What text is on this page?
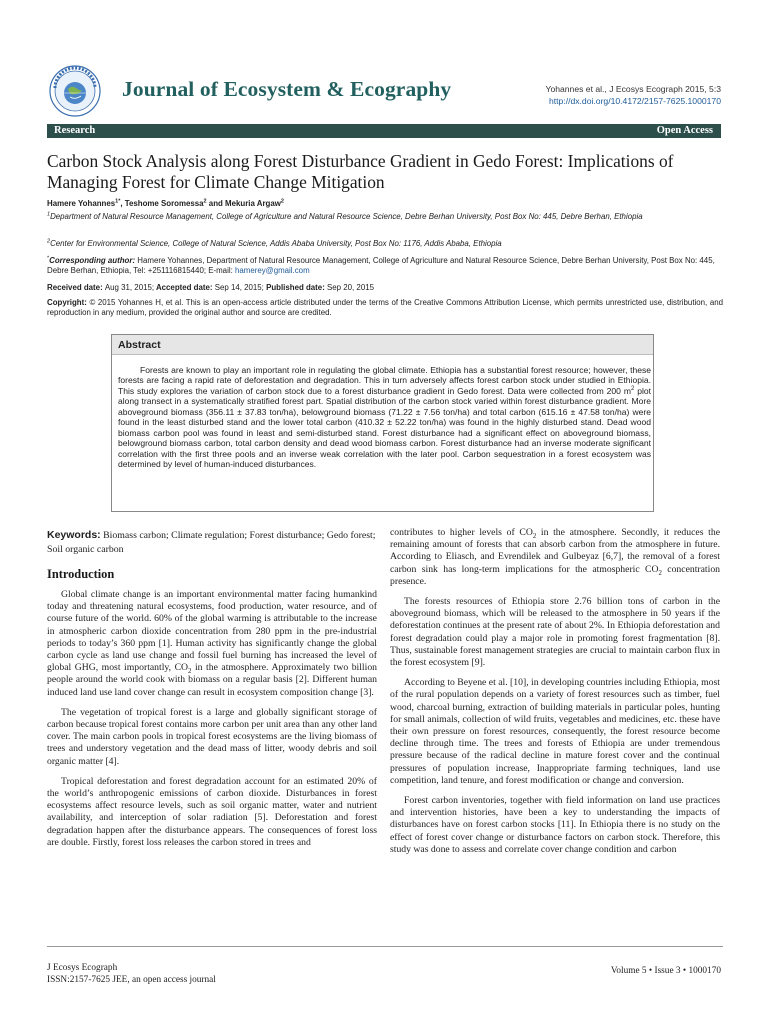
Journal of Ecosystem & Ecography	Yohannes et al., J Ecosys Ecograph 2015, 5:3
http://dx.doi.org/10.4172/2157-7625.1000170
Research	Open Access
Carbon Stock Analysis along Forest Disturbance Gradient in Gedo Forest: Implications of Managing Forest for Climate Change Mitigation
Hamere Yohannes$^{1*}$, Teshome Soromessa$^2$ and Mekuria Argaw$^2$
$^1$Department of Natural Resource Management, College of Agriculture and Natural Resource Science, Debre Berhan University, Post Box No: 445, Debre Berhan, Ethiopia
$^2$Center for Environmental Science, College of Natural Science, Addis Ababa University, Post Box No: 1176, Addis Ababa, Ethiopia
*Corresponding author: Hamere Yohannes, Department of Natural Resource Management, College of Agriculture and Natural Resource Science, Debre Berhan University, Post Box No: 445, Debre Berhan, Ethiopia, Tel: +251116815440; E-mail: hamerey@gmail.com
Received date: Aug 31, 2015; Accepted date: Sep 14, 2015; Published date: Sep 20, 2015
Copyright: © 2015 Yohannes H, et al. This is an open-access article distributed under the terms of the Creative Commons Attribution License, which permits unrestricted use, distribution, and reproduction in any medium, provided the original author and source are credited.
Abstract
Forests are known to play an important role in regulating the global climate. Ethiopia has a substantial forest resource; however, these forests are facing a rapid rate of deforestation and degradation. This in turn adversely affects forest carbon stock under studied in Ethiopia. This study explores the variation of carbon stock due to a forest disturbance gradient in Gedo forest. Data were collected from 200 $m^2$ plot along transect in a systematically stratified forest part. Spatial distribution of the carbon stock varied within forest disturbance gradient. More aboveground biomass (356.11 ± 37.83 ton/ha), belowground biomass (71.22 ± 7.56 ton/ha) and total carbon (615.16 ± 47.58 ton/ha) were found in the least disturbed stand and the lower total carbon (410.32 ± 52.22 ton/ha) was found in the highly disturbed stand. Dead wood biomass carbon pool was found in least and semi-disturbed stand. Forest disturbance had a significant effect on aboveground biomass, belowground biomass carbon, total carbon density and dead wood biomass carbon. Forest disturbance had an inverse moderate significant correlation with the first three pools and an inverse weak correlation with the later pool. Carbon sequestration in a forest ecosystem was determined by level of human-induced disturbances.
Keywords: Biomass carbon; Climate regulation; Forest disturbance; Gedo forest; Soil organic carbon
Introduction

Global climate change is an important environmental matter facing humankind today and threatening natural ecosystems, food production, water resource, and of course future of the world. 60% of the global warming is attributable to the increase in atmospheric carbon dioxide concentration from 280 ppm in the pre-industrial periods to today’s 360 ppm [1]. Human activity has significantly change the global carbon cycle as land use change and fossil fuel burning has increased the level of global GHG, most importantly, $CO_2$ in the atmosphere. Approximately two billion people around the world cook with biomass on a regular basis [2]. Different human induced land use land cover change can result in ecosystem composition change [3].

The vegetation of tropical forest is a large and globally significant storage of carbon because tropical forest contains more carbon per unit area than any other land cover. The main carbon pools in tropical forest ecosystems are the living biomass of trees and understory vegetation and the dead mass of litter, woody debris and soil organic matter [4].

Tropical deforestation and forest degradation account for an estimated 20% of the world’s anthropogenic emissions of carbon dioxide. Disturbances in forest ecosystems affect resource levels, such as soil organic matter, water and nutrient availability, and interception of solar radiation [5]. Deforestation and forest degradation happen after the disturbance appears. The consequences of forest loss are double. Firstly, forest loss releases the carbon stored in trees and

contributes to higher levels of $CO_2$ in the atmosphere. Secondly, it reduces the remaining amount of forests that can absorb carbon from the atmosphere in future. According to Eliasch, and Evrendilek and Gulbeyaz [6,7], the removal of a forest carbon sink has long-term implications for the atmospheric $CO_2$ concentration presence.

The forests resources of Ethiopia store 2.76 billion tons of carbon in the aboveground biomass, which will be released to the atmosphere in 50 years if the deforestation continues at the present rate of about 2%. In Ethiopia deforestation and forest degradation could play a major role in promoting forest fragmentation [8]. Thus, sustainable forest management strategies are crucial to maintain carbon flux in the forest ecosystem [9].

According to Beyene et al. [10], in developing countries including Ethiopia, most of the rural population depends on a variety of forest resources such as timber, fuel wood, charcoal burning, extraction of building materials in particular poles, hunting for small animals, collection of wild fruits, vegetables and medicines, etc. these have their own pressure on forest resources, consequently, the forest resource become decline through time. The trees and forests of Ethiopia are under tremendous pressure because of the radical decline in mature forest cover and the continual pressures of population increase, Inappropriate farming techniques, land use competition, land tenure, and forest modification or change and conversion.

Forest carbon inventories, together with field information on land use practices and intervention histories, have been a key to understanding the impacts of disturbances have on forest carbon stocks [11]. In Ethiopia there is no study on the effect of forest cover change or disturbance factors on carbon stock. Therefore, this study was done to assess and correlate cover change condition and carbon

J Ecosys Ecograph
ISSN:2157-7625 JEE, an open access journal
Volume 5 • Issue 3 • 1000170
